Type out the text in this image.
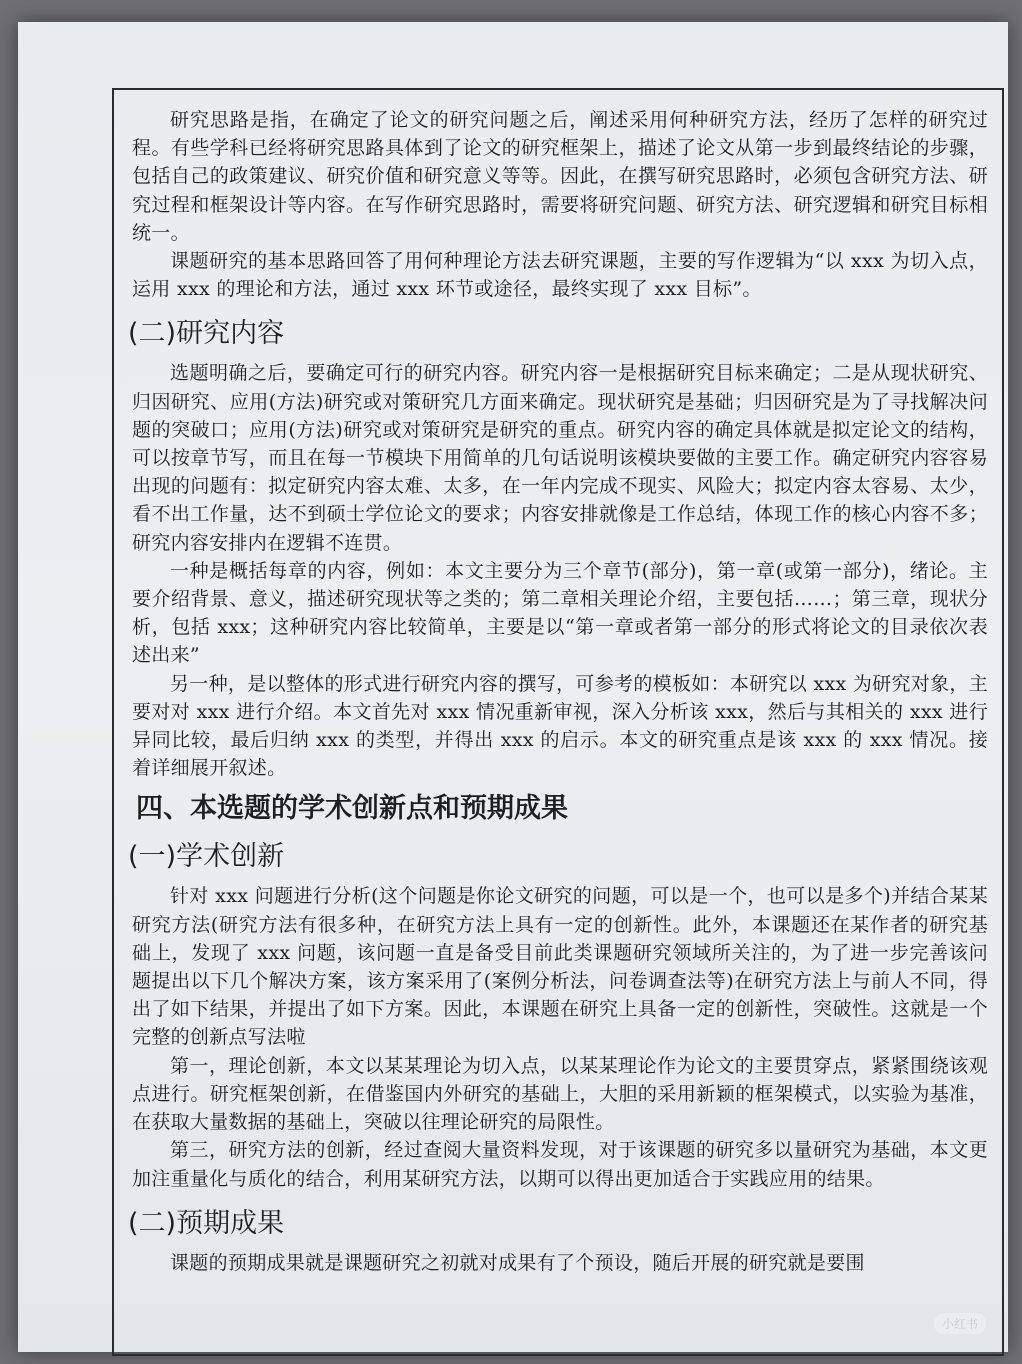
研究思路是指，在确定了论文的研究问题之后，阐述采用何种研究方法，经历了怎样的研究过程。有些学科已经将研究思路具体到了论文的研究框架上，描述了论文从第一步到最终结论的步骤，包括自己的政策建议、研究价值和研究意义等等。因此，在撰写研究思路时，必须包含研究方法、研究过程和框架设计等内容。在写作研究思路时，需要将研究问题、研究方法、研究逻辑和研究目标相统一。

课题研究的基本思路回答了用何种理论方法去研究课题，主要的写作逻辑为“以 xxx 为切入点，运用 xxx 的理论和方法，通过 xxx 环节或途径，最终实现了 xxx 目标”。

(二)研究内容

选题明确之后，要确定可行的研究内容。研究内容一是根据研究目标来确定；二是从现状研究、归因研究、应用(方法)研究或对策研究几方面来确定。现状研究是基础；归因研究是为了寻找解决问题的突破口；应用(方法)研究或对策研究是研究的重点。研究内容的确定具体就是拟定论文的结构，可以按章节写，而且在每一节模块下用简单的几句话说明该模块要做的主要工作。确定研究内容容易出现的问题有：拟定研究内容太难、太多，在一年内完成不现实、风险大；拟定内容太容易、太少，看不出工作量，达不到硕士学位论文的要求；内容安排就像是工作总结，体现工作的核心内容不多；研究内容安排内在逻辑不连贯。

一种是概括每章的内容，例如：本文主要分为三个章节(部分)，第一章(或第一部分)，绪论。主要介绍背景、意义，描述研究现状等之类的；第二章相关理论介绍，主要包括……；第三章，现状分析，包括 xxx；这种研究内容比较简单，主要是以“第一章或者第一部分的形式将论文的目录依次表述出来”

另一种，是以整体的形式进行研究内容的撰写，可参考的模板如：本研究以 xxx 为研究对象，主要对对 xxx 进行介绍。本文首先对 xxx 情况重新审视，深入分析该 xxx，然后与其相关的 xxx 进行异同比较，最后归纳 xxx 的类型，并得出 xxx 的启示。本文的研究重点是该 xxx 的 xxx 情况。接着详细展开叙述。

四、本选题的学术创新点和预期成果
(一)学术创新

针对 xxx 问题进行分析(这个问题是你论文研究的问题，可以是一个，也可以是多个)并结合某某研究方法(研究方法有很多种，在研究方法上具有一定的创新性。此外，本课题还在某作者的研究基础上，发现了 xxx 问题，该问题一直是备受目前此类课题研究领域所关注的，为了进一步完善该问题提出以下几个解决方案，该方案采用了(案例分析法，问卷调查法等)在研究方法上与前人不同，得出了如下结果，并提出了如下方案。因此，本课题在研究上具备一定的创新性，突破性。这就是一个完整的创新点写法啦

第一，理论创新，本文以某某理论为切入点，以某某理论作为论文的主要贯穿点，紧紧围绕该观点进行。研究框架创新，在借鉴国内外研究的基础上，大胆的采用新颖的框架模式，以实验为基准，在获取大量数据的基础上，突破以往理论研究的局限性。

第三，研究方法的创新，经过查阅大量资料发现，对于该课题的研究多以量研究为基础，本文更加注重量化与质化的结合，利用某研究方法，以期可以得出更加适合于实践应用的结果。

(二)预期成果

课题的预期成果就是课题研究之初就对成果有了个预设，随后开展的研究就是要围

小红书
